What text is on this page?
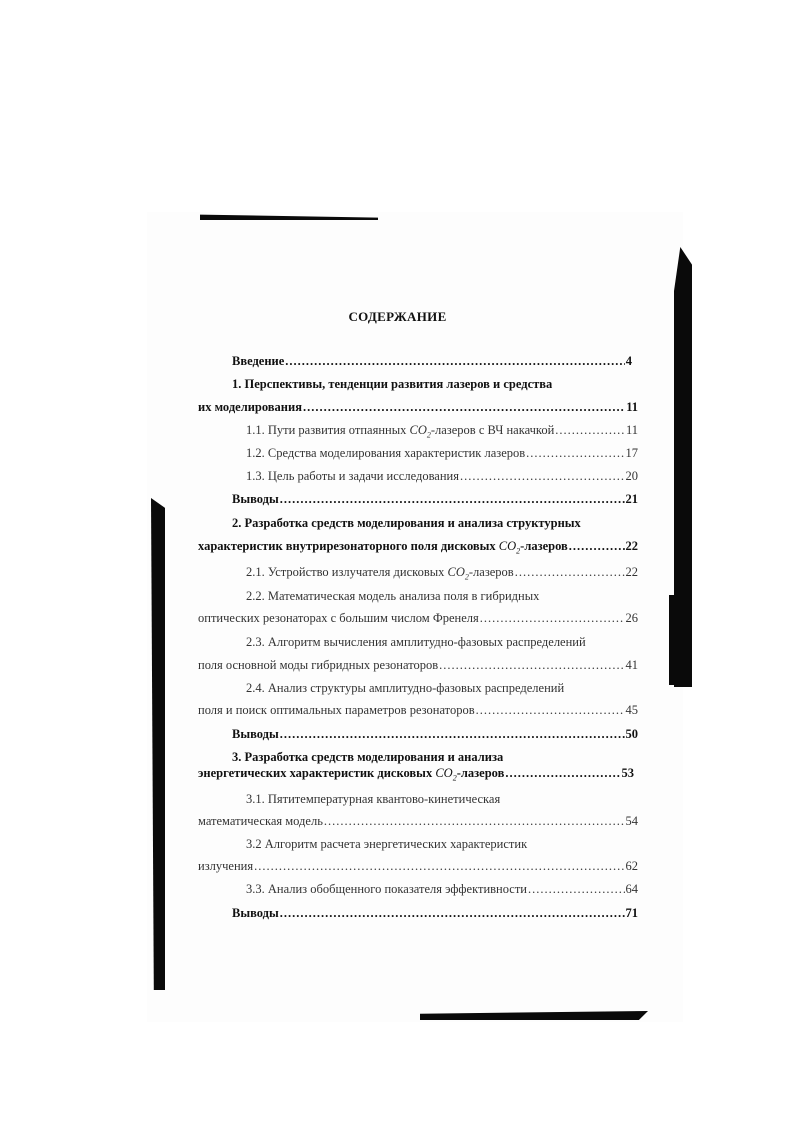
СОДЕРЖАНИЕ
Введение .....	4
1. Перспективы, тенденции развития лазеров и средства
их моделирования .....	11
1.1. Пути развития отпаянных
$CO_2$ -лазеров с ВЧ накачкой .....	11
1.2. Средства моделирования характеристик лазеров .....	17
1.3. Цель работы и задачи исследования .....	20
Выводы .....	21
2. Разработка средств моделирования и анализа структурных
характеристик внутрирезонаторного поля дисковых
$CO_2$ -лазеров .....	22
2.1. Устройство излучателя дисковых
$CO_2$ -лазеров .....	22
2.2. Математическая модель анализа поля в гибридных
оптических резонаторах с большим числом Френеля .....	26
2.3. Алгоритм вычисления амплитудно-фазовых распределений
поля основной моды гибридных резонаторов .....	41
2.4. Анализ структуры амплитудно-фазовых распределений
поля и поиск оптимальных параметров резонаторов .....	45
Выводы .....	50
3. Разработка средств моделирования и анализа
энергетических характеристик дисковых
$CO_2$ -лазеров .....	53
3.1. Пятитемпературная квантово-кинетическая
математическая модель .....	54
3.2 Алгоритм расчета энергетических характеристик
излучения .....	62
3.3. Анализ обобщенного показателя эффективности .....	64
Выводы .....	71
